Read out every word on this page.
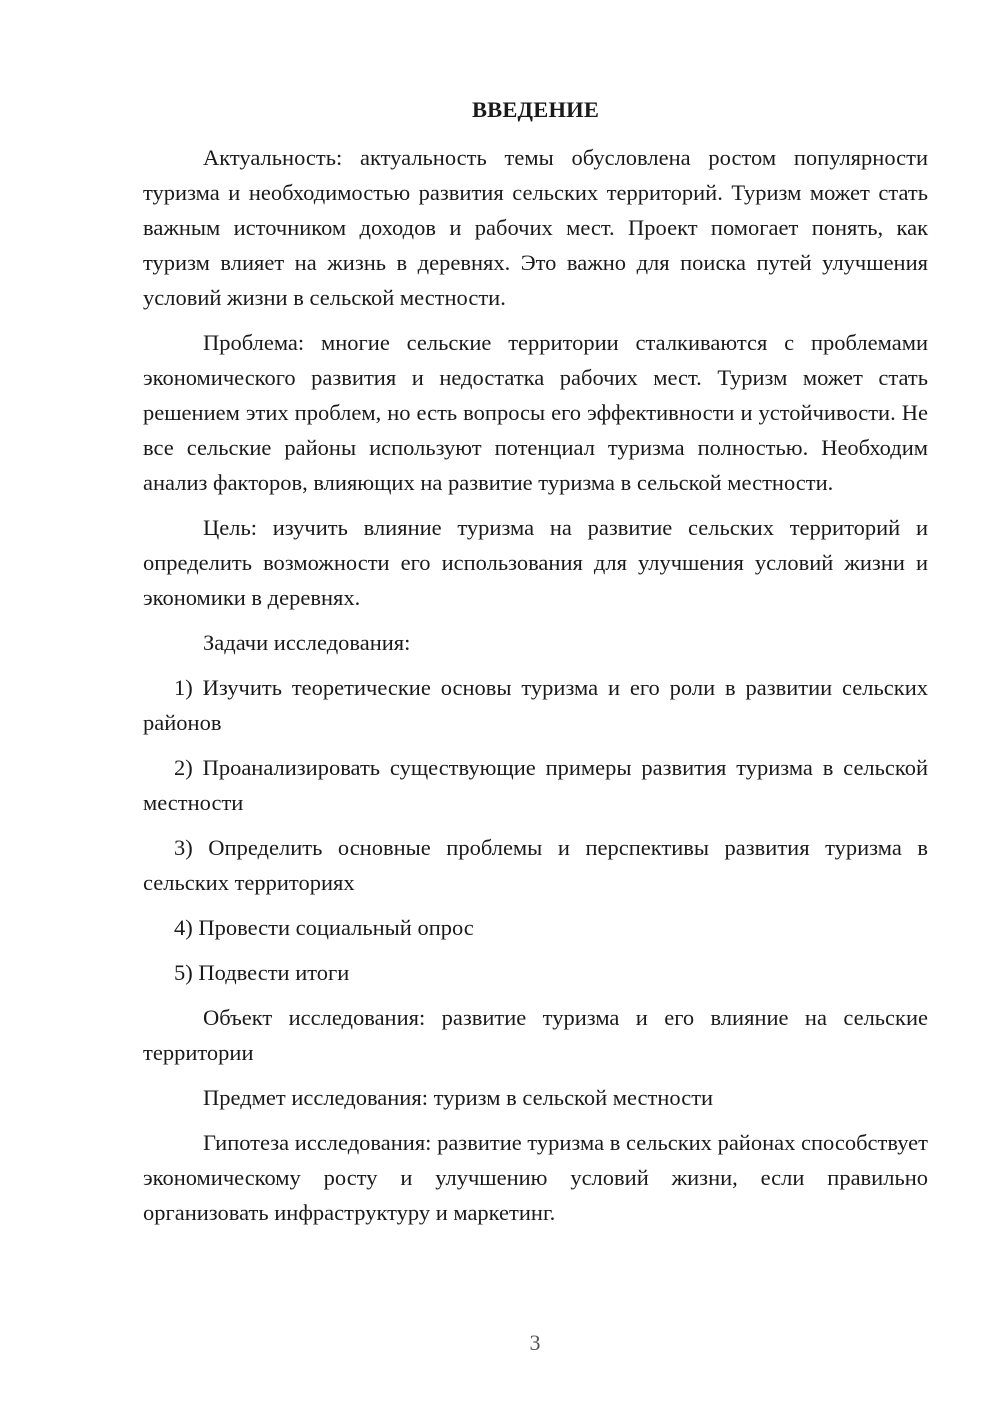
ВВЕДЕНИЕ

Актуальность: актуальность темы обусловлена ростом популярности туризма и необходимостью развития сельских территорий. Туризм может стать важным источником доходов и рабочих мест. Проект помогает понять, как туризм влияет на жизнь в деревнях. Это важно для поиска путей улучшения условий жизни в сельской местности.

Проблема: многие сельские территории сталкиваются с проблемами экономического развития и недостатка рабочих мест. Туризм может стать решением этих проблем, но есть вопросы его эффективности и устойчивости. Не все сельские районы используют потенциал туризма полностью. Необходим анализ факторов, влияющих на развитие туризма в сельской местности.

Цель: изучить влияние туризма на развитие сельских территорий и определить возможности его использования для улучшения условий жизни и экономики в деревнях.

Задачи исследования:

1) Изучить теоретические основы туризма и его роли в развитии сельских районов

2) Проанализировать существующие примеры развития туризма в сельской местности

3) Определить основные проблемы и перспективы развития туризма в сельских территориях

4) Провести социальный опрос

5) Подвести итоги

Объект исследования: развитие туризма и его влияние на сельские территории

Предмет исследования: туризм в сельской местности

Гипотеза исследования: развитие туризма в сельских районах способствует экономическому росту и улучшению условий жизни, если правильно организовать инфраструктуру и маркетинг.

3
